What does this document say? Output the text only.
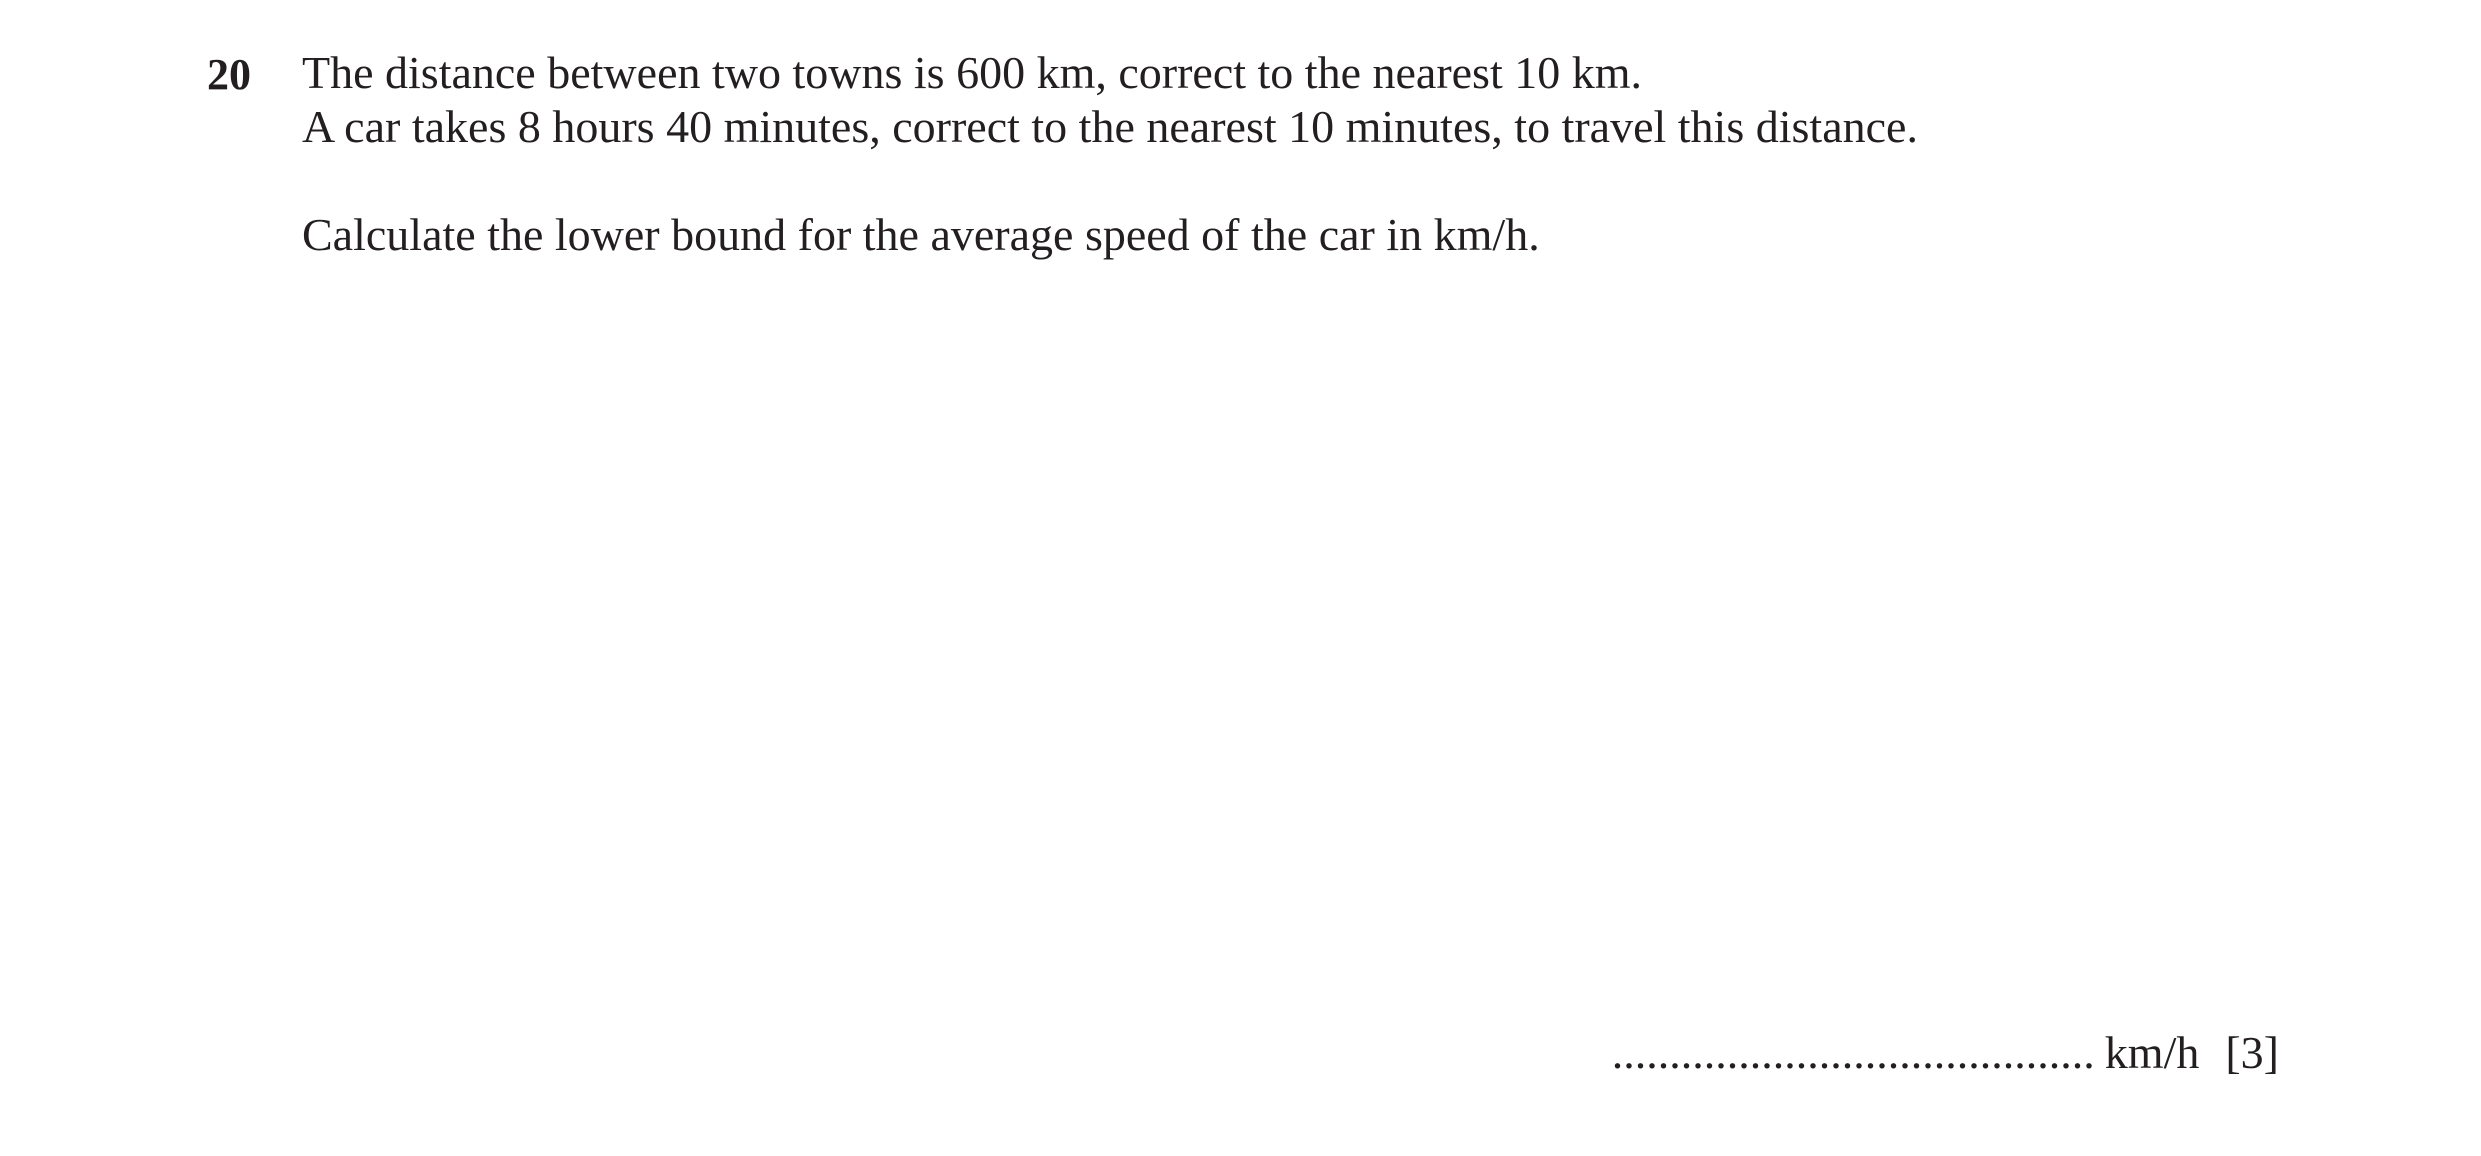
20 The distance between two towns is 600 km, correct to the nearest 10 km.

A car takes 8 hours 40 minutes, correct to the nearest 10 minutes, to travel this distance.

Calculate the lower bound for the average speed of the car in km/h.

.......................................... km/h [3]
